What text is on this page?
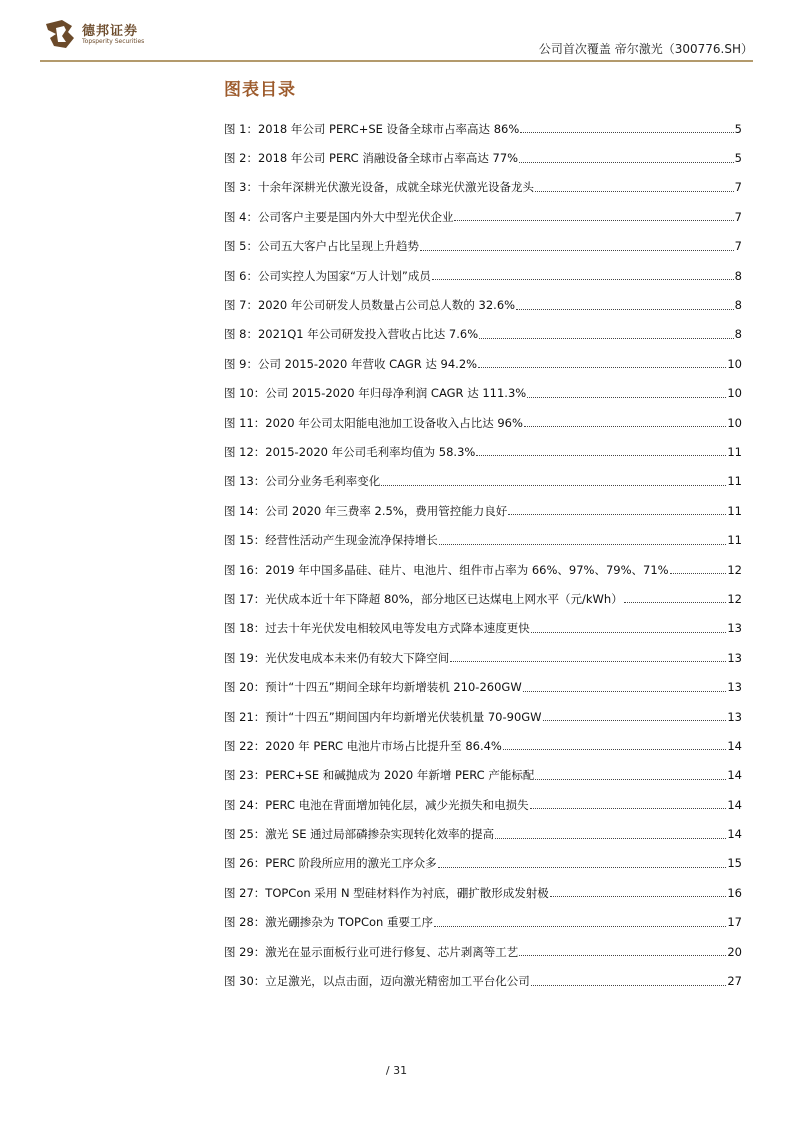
德邦证券
Topsperity Securities
公司首次覆盖 帝尔激光（300776.SH）
图表目录
图 1：2018 年公司 PERC+SE 设备全球市占率高达 86%	5
图 2：2018 年公司 PERC 消融设备全球市占率高达 77%	5
图 3：十余年深耕光伏激光设备，成就全球光伏激光设备龙头	7
图 4：公司客户主要是国内外大中型光伏企业	7
图 5：公司五大客户占比呈现上升趋势	7
图 6：公司实控人为国家“万人计划”成员	8
图 7：2020 年公司研发人员数量占公司总人数的 32.6%	8
图 8：2021Q1 年公司研发投入营收占比达 7.6%	8
图 9：公司 2015-2020 年营收 CAGR 达 94.2%	10
图 10：公司 2015-2020 年归母净利润 CAGR 达 111.3%	10
图 11：2020 年公司太阳能电池加工设备收入占比达 96%	10
图 12：2015-2020 年公司毛利率均值为 58.3%	11
图 13：公司分业务毛利率变化	11
图 14：公司 2020 年三费率 2.5%，费用管控能力良好	11
图 15：经营性活动产生现金流净保持增长	11
图 16：2019 年中国多晶硅、硅片、电池片、组件市占率为 66%、97%、79%、71%	12
图 17：光伏成本近十年下降超 80%，部分地区已达煤电上网水平（元/kWh）	12
图 18：过去十年光伏发电相较风电等发电方式降本速度更快	13
图 19：光伏发电成本未来仍有较大下降空间	13
图 20：预计“十四五”期间全球年均新增装机 210-260GW	13
图 21：预计“十四五”期间国内年均新增光伏装机量 70-90GW	13
图 22：2020 年 PERC 电池片市场占比提升至 86.4%	14
图 23：PERC+SE 和碱抛成为 2020 年新增 PERC 产能标配	14
图 24：PERC 电池在背面增加钝化层，减少光损失和电损失	14
图 25：激光 SE 通过局部磷掺杂实现转化效率的提高	14
图 26：PERC 阶段所应用的激光工序众多	15
图 27：TOPCon 采用 N 型硅材料作为衬底，硼扩散形成发射极	16
图 28：激光硼掺杂为 TOPCon 重要工序	17
图 29：激光在显示面板行业可进行修复、芯片剥离等工艺	20
图 30：立足激光，以点击面，迈向激光精密加工平台化公司	27
/ 31
